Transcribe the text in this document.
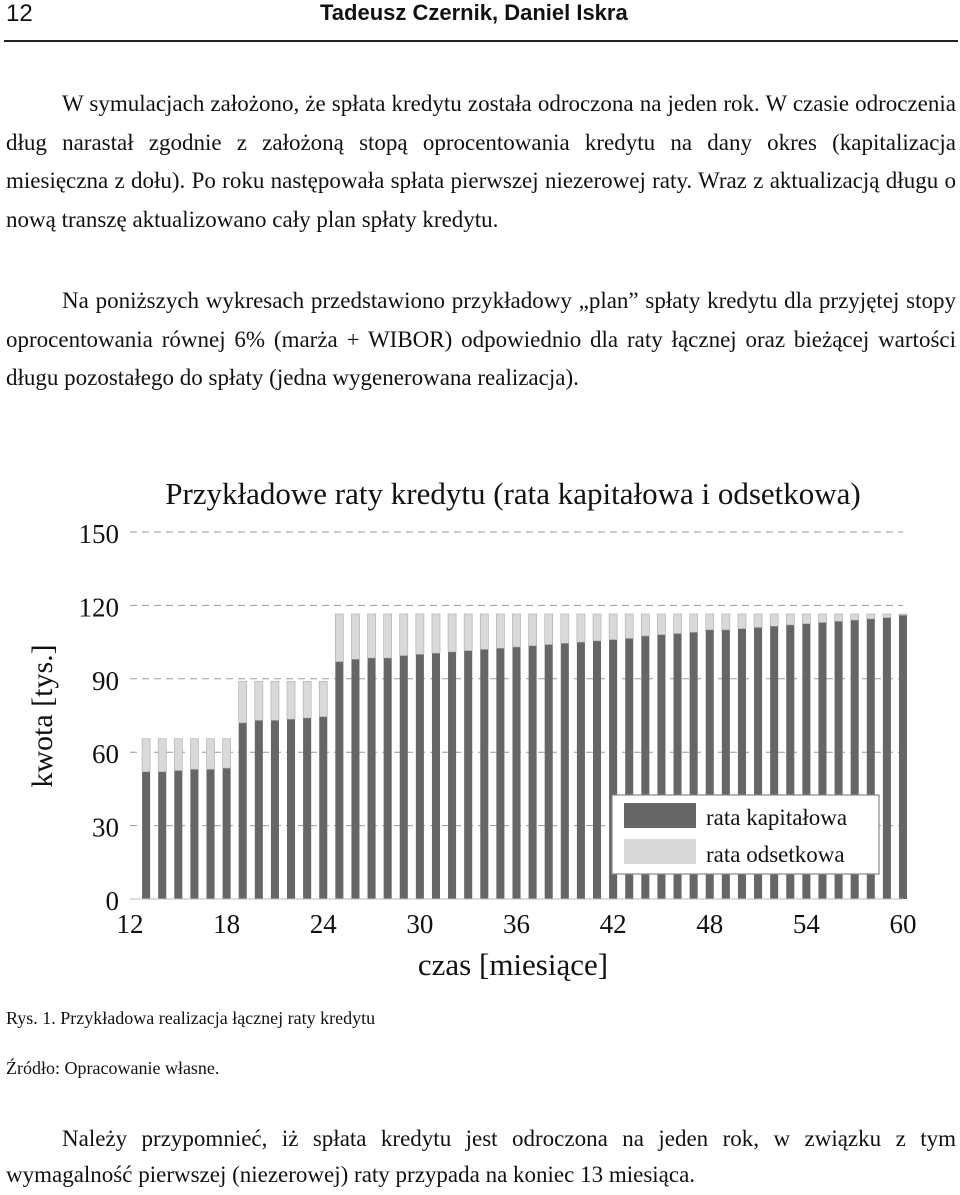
12	Tadeusz Czernik, Daniel Iskra

W symulacjach założono, że spłata kredytu została odroczona na jeden rok. W czasie odroczenia dług narastał zgodnie z założoną stopą oprocentowania kredytu na dany okres (kapitalizacja miesięczna z dołu). Po roku następowała spłata pierwszej niezerowej raty. Wraz z aktualizacją długu o nową transzę aktualizowano cały plan spłaty kredytu.

Na poniższych wykresach przedstawiono przykładowy „plan” spłaty kredytu dla przyjętej stopy oprocentowania równej 6% (marża + WIBOR) odpowiednio dla raty łącznej oraz bieżącej wartości długu pozostałego do spłaty (jedna wygenerowana realizacja).

0
30
60
90
120
150
12	18	24	30	36	42	48	54	60
Przykładowe raty kredytu (rata kapitałowa i odsetkowa)
czas [miesiące]
kwota [tys.]
rata kapitałowa
rata odsetkowa

Rys. 1. Przykładowa realizacja łącznej raty kredytu

Źródło: Opracowanie własne.

Należy przypomnieć, iż spłata kredytu jest odroczona na jeden rok, w związku z tym wymagalność pierwszej (niezerowej) raty przypada na koniec 13 miesiąca.
